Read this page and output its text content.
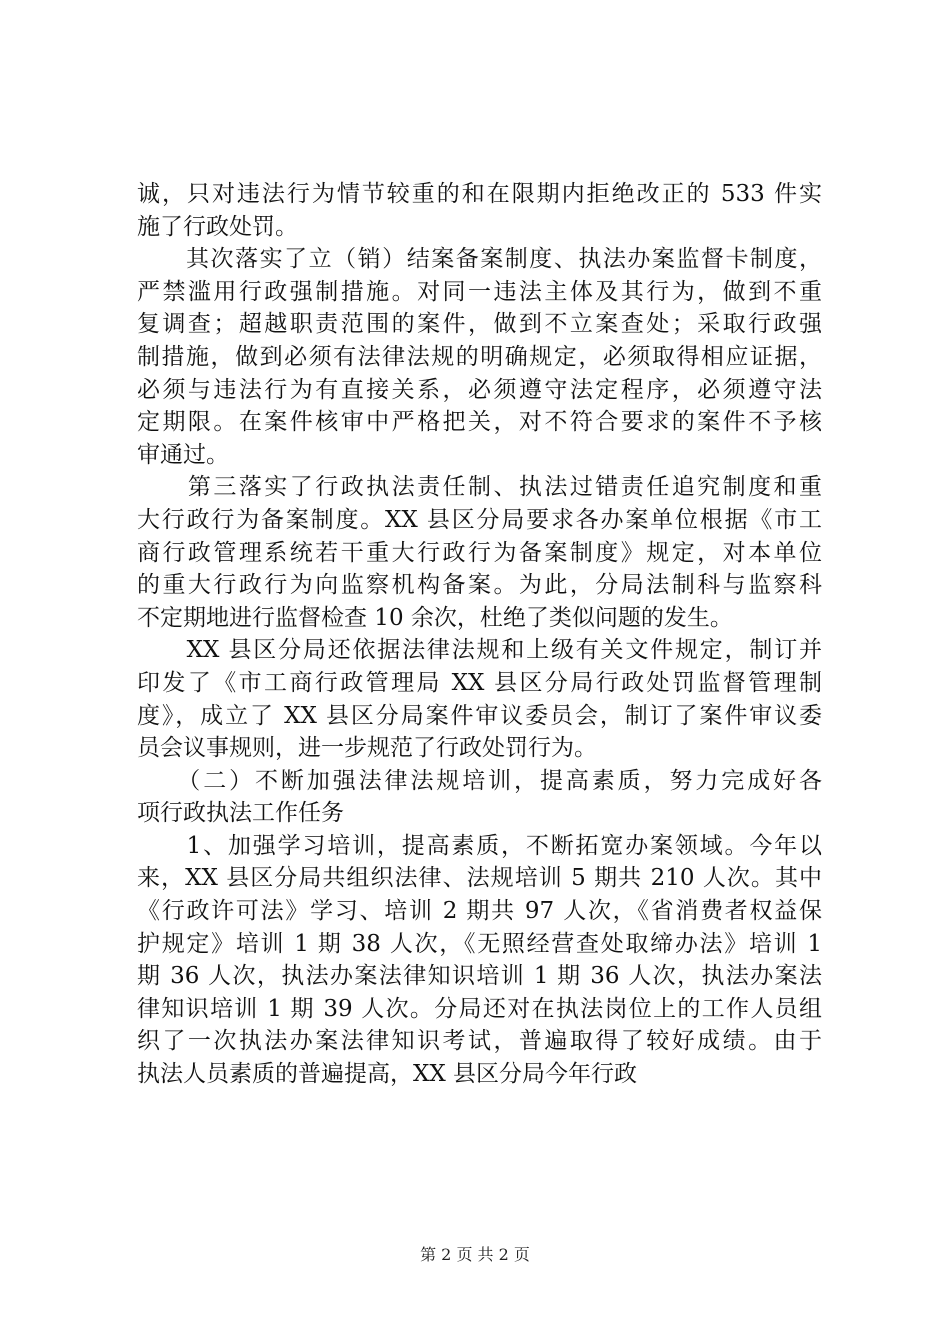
诚，只对违法行为情节较重的和在限期内拒绝改正的 533 件实
施了行政处罚。
　　其次落实了立（销）结案备案制度、执法办案监督卡制度，
严禁滥用行政强制措施。对同一违法主体及其行为，做到不重
复调查；超越职责范围的案件，做到不立案查处；采取行政强
制措施，做到必须有法律法规的明确规定，必须取得相应证据，
必须与违法行为有直接关系，必须遵守法定程序，必须遵守法
定期限。在案件核审中严格把关，对不符合要求的案件不予核
审通过。
　　第三落实了行政执法责任制、执法过错责任追究制度和重
大行政行为备案制度。XX 县区分局要求各办案单位根据《市工
商行政管理系统若干重大行政行为备案制度》规定，对本单位
的重大行政行为向监察机构备案。为此，分局法制科与监察科
不定期地进行监督检查 10 余次，杜绝了类似问题的发生。
　　XX 县区分局还依据法律法规和上级有关文件规定，制订并
印发了《市工商行政管理局 XX 县区分局行政处罚监督管理制
度》，成立了 XX 县区分局案件审议委员会，制订了案件审议委
员会议事规则，进一步规范了行政处罚行为。
　　（二）不断加强法律法规培训，提高素质，努力完成好各
项行政执法工作任务
　　1、加强学习培训，提高素质，不断拓宽办案领域。今年以
来，XX 县区分局共组织法律、法规培训 5 期共 210 人次。其中
《行政许可法》学习、培训 2 期共 97 人次，《省消费者权益保
护规定》培训 1 期 38 人次，《无照经营查处取缔办法》培训 1
期 36 人次，执法办案法律知识培训 1 期 36 人次，执法办案法
律知识培训 1 期 39 人次。分局还对在执法岗位上的工作人员组
织了一次执法办案法律知识考试，普遍取得了较好成绩。由于
执法人员素质的普遍提高，XX 县区分局今年行政
第 2 页 共 2 页
